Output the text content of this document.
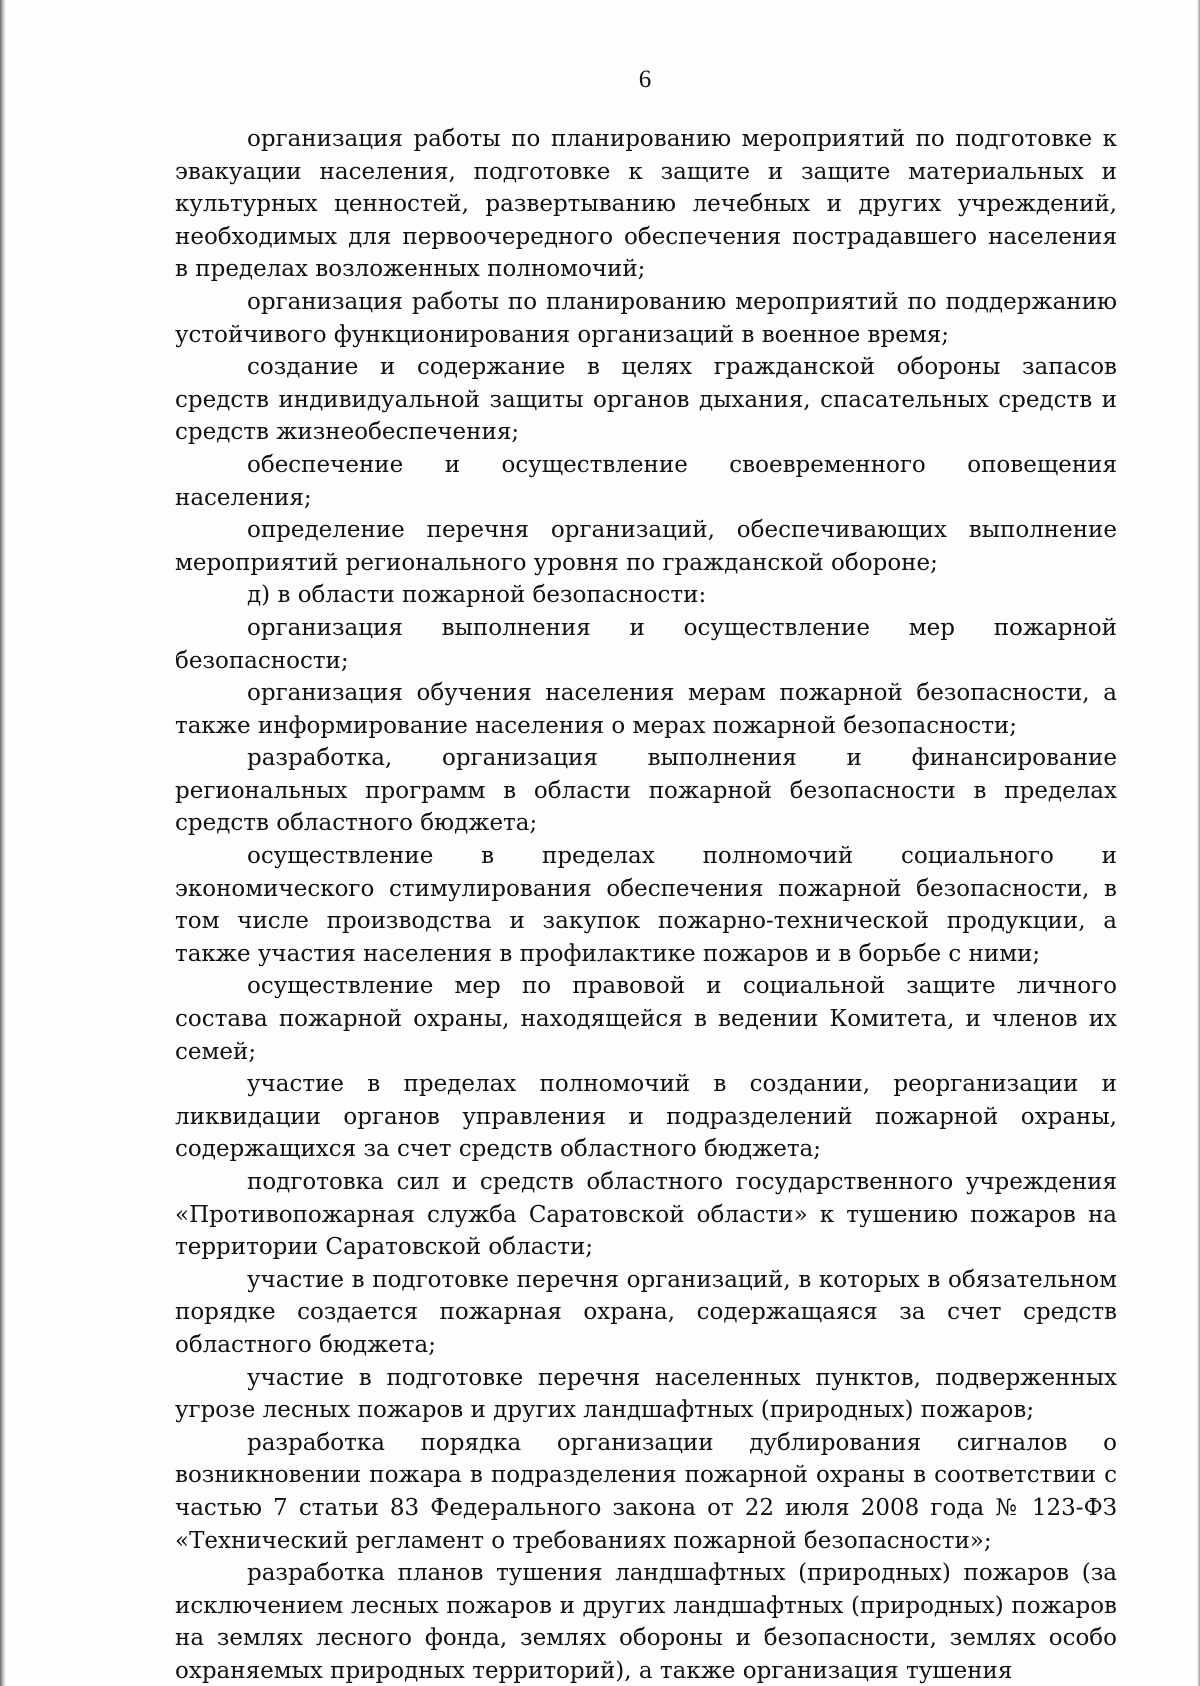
6

организация работы по планированию мероприятий по подготовке к эвакуации населения, подготовке к защите и защите материальных и культурных ценностей, развертыванию лечебных и других учреждений, необходимых для первоочередного обеспечения пострадавшего населения в пределах возложенных полномочий;

организация работы по планированию мероприятий по поддержанию устойчивого функционирования организаций в военное время;

создание и содержание в целях гражданской обороны запасов средств индивидуальной защиты органов дыхания, спасательных средств и средств жизнеобеспечения;

обеспечение и осуществление своевременного оповещения населения;

определение перечня организаций, обеспечивающих выполнение мероприятий регионального уровня по гражданской обороне;

д) в области пожарной безопасности:

организация выполнения и осуществление мер пожарной безопасности;

организация обучения населения мерам пожарной безопасности, а также информирование населения о мерах пожарной безопасности;

разработка, организация выполнения и финансирование региональных программ в области пожарной безопасности в пределах средств областного бюджета;

осуществление в пределах полномочий социального и экономического стимулирования обеспечения пожарной безопасности, в том числе производства и закупок пожарно-технической продукции, а также участия населения в профилактике пожаров и в борьбе с ними;

осуществление мер по правовой и социальной защите личного состава пожарной охраны, находящейся в ведении Комитета, и членов их семей;

участие в пределах полномочий в создании, реорганизации и ликвидации органов управления и подразделений пожарной охраны, содержащихся за счет средств областного бюджета;

подготовка сил и средств областного государственного учреждения «Противопожарная служба Саратовской области» к тушению пожаров на территории Саратовской области;

участие в подготовке перечня организаций, в которых в обязательном порядке создается пожарная охрана, содержащаяся за счет средств областного бюджета;

участие в подготовке перечня населенных пунктов, подверженных угрозе лесных пожаров и других ландшафтных (природных) пожаров;

разработка порядка организации дублирования сигналов о возникновении пожара в подразделения пожарной охраны в соответствии с частью 7 статьи 83 Федерального закона от 22 июля 2008 года № 123-ФЗ «Технический регламент о требованиях пожарной безопасности»;

разработка планов тушения ландшафтных (природных) пожаров (за исключением лесных пожаров и других ландшафтных (природных) пожаров на землях лесного фонда, землях обороны и безопасности, землях особо охраняемых природных территорий), а также организация тушения
